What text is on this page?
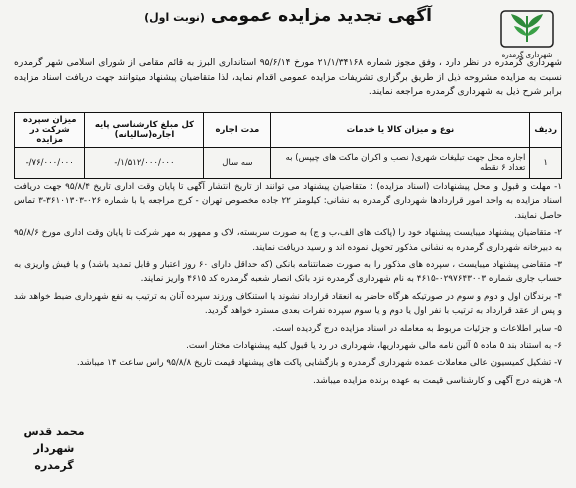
شهرداری گرمدره
آگهی تجدید مزایده عمومی (نوبت اول)
شهرداری گرمدره در نظر دارد ، وفق مجوز شماره ۲۱/۱/۳۴۱۶۸ مورخ ۹۵/۶/۱۴ استانداری البرز به قائم مقامی از شورای اسلامی شهر گرمدره نسبت به مزایده مشروحه ذیل از طریق برگزاری تشریفات مزایده عمومی اقدام نماید، لذا متقاضیان پیشنهاد میتوانند جهت دریافت اسناد مزایده برابر شرح ذیل به شهرداری گرمدره مراجعه نمایند.
ردیف	نوع و میزان کالا یا خدمات	مدت اجاره	کل مبلغ کارشناسی پایه اجاره(سالیانه)	میزان سپرده شرکت در مزایده
۱	اجاره محل جهت تبلیغات شهری( نصب و اکران ماکت های چیپس) به تعداد ۶ نقطه	سه سال	۱/۵۱۲/۰۰۰/۰۰۰/-	۷۶/۰۰۰/۰۰۰/-

۱- مهلت و قبول و محل پیشنهادات (اسناد مزایده) : متقاضیان پیشنهاد می توانند از تاریخ انتشار آگهی تا پایان وقت اداری تاریخ ۹۵/۸/۴ جهت دریافت اسناد مزایده به واحد امور قراردادها شهرداری گرمدره به نشانی: کیلومتر ۲۲ جاده مخصوص تهران - کرج مراجعه یا با شماره ۰۲۶-۳۶۱۰۱۳۰۳-۳ تماس حاصل نمایند.

۲- متقاضیان پیشنهاد میبایست پیشنهاد خود را (پاکت های الف،ب و ج) به صورت سربسته، لاک و ممهور به مهر شرکت تا پایان وقت اداری مورخ ۹۵/۸/۶ به دبیرخانه شهرداری گرمدره به نشانی مذکور تحویل نموده اند و رسید دریافت نمایند.

۳- متقاضی پیشنهاد میبایست ، سپرده های مذکور را به صورت ضمانتنامه بانکی (که حداقل دارای ۶۰ روز اعتبار و قابل تمدید باشد) و یا فیش واریزی به حساب جاری شماره ۰۲۹۷۶۴۳۰۰۳-۴۶۱۵ به نام شهرداری گرمدره نزد بانک انصار شعبه گرمدره کد ۴۶۱۵ واریز نمایند.

۴- برندگان اول و دوم و سوم در صورتیکه هرگاه حاضر به انعقاد قرارداد نشوند یا استنکاف ورزند سپرده آنان به ترتیب به نفع شهرداری ضبط خواهد شد و پس از عقد قرارداد به ترتیب با نفر اول یا دوم و یا سوم سپرده نفرات بعدی مسترد خواهد گردید.

۵- سایر اطلاعات و جزئیات مربوط به معامله در اسناد مزایده درج گردیده است.

۶- به استناد بند ۵ ماده ۵ آئین نامه مالی شهرداریها، شهرداری در رد یا قبول کلیه پیشنهادات مختار است.

۷- تشکیل کمیسیون عالی معاملات عمده شهرداری گرمدره و بازگشایی پاکت های پیشنهاد قیمت تاریخ ۹۵/۸/۸ راس ساعت ۱۴ میباشد.

۸- هزینه درج آگهی و کارشناسی قیمت به عهده برنده مزایده میباشد.

محمد قدس
شهردار گرمدره
